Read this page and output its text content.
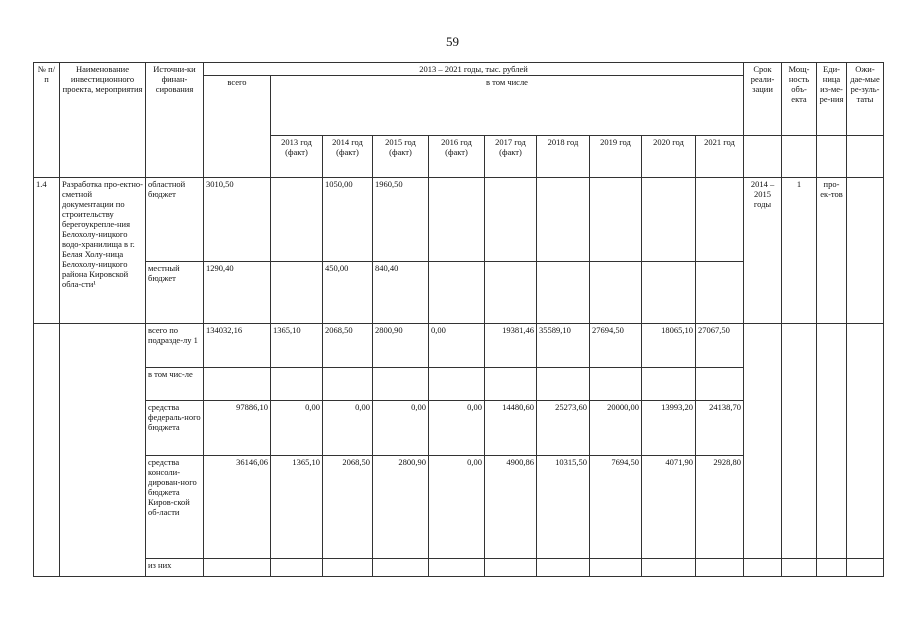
59
№ п/п	Наименование инвестиционного проекта, мероприятия	Источни-ки финан-сирования	2013 – 2021 годы, тыс. рублей										Срок реали-зации	Мощ-ность объ-екта	Еди-ница из-ме-ре-ния	Ожи-дае-мые ре-зуль-таты
			всего	в том числе												
				2013 год (факт)	2014 год (факт)	2015 год (факт)	2016 год (факт)	2017 год (факт)	2018 год	2019 год	2020 год	2021 год				
1.4	Разработка про-ектно-сметной документации по строительству берегоукрепле-ния Белохолу-ницкого водо-хранилища в г. Белая Холу-ница Белохолу-ницкого района Кировской обла-сти¹	областной бюджет	3010,50		1050,00	1960,50							2014 – 2015 годы	1	про-ек-тов	
		местный бюджет	1290,40		450,00	840,40										
		всего по подразде-лу 1	134032,16	1365,10	2068,50	2800,90	0,00	19381,46	35589,10	27694,50	18065,10	27067,50				
		в том чис-ле														
		средства федераль-ного бюджета	97886,10	0,00	0,00	0,00	0,00	14480,60	25273,60	20000,00	13993,20	24138,70				
		средства консоли-дирован-ного бюджета Киров-ской об-ласти	36146,06	1365,10	2068,50	2800,90	0,00	4900,86	10315,50	7694,50	4071,90	2928,80				
		из них														
